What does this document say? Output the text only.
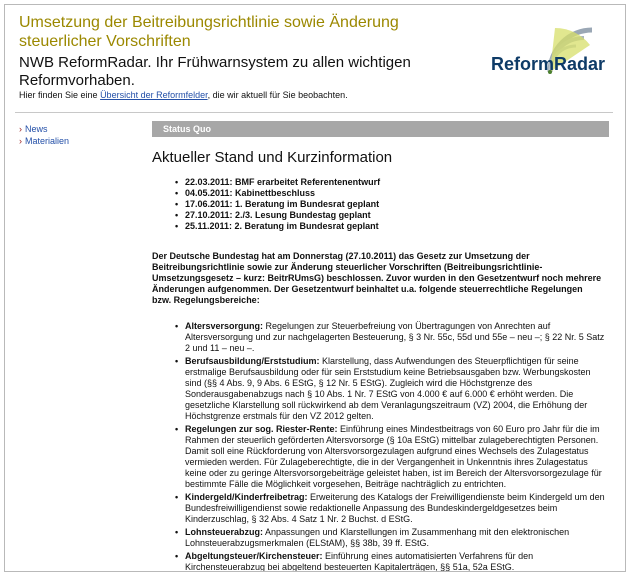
Umsetzung der Beitreibungsrichtlinie sowie Änderung steuerlicher Vorschriften
NWB ReformRadar. Ihr Frühwarnsystem zu allen wichtigen Reformvorhaben.
Hier finden Sie eine Übersicht der Reformfelder, die wir aktuell für Sie beobachten.
ReformRadar
› News
› Materialien
Status Quo
Aktueller Stand und Kurzinformation
• 22.03.2011: BMF erarbeitet Referentenentwurf
• 04.05.2011: Kabinettbeschluss
• 17.06.2011: 1. Beratung im Bundesrat geplant
• 27.10.2011: 2./3. Lesung Bundestag geplant
• 25.11.2011: 2. Beratung im Bundesrat geplant
Der Deutsche Bundestag hat am Donnerstag (27.10.2011) das Gesetz zur Umsetzung der Beitreibungsrichtlinie sowie zur Änderung steuerlicher Vorschriften (Beitreibungsrichtlinie-Umsetzungsgesetz – kurz: BeitrRUmsG) beschlossen. Zuvor wurden in den Gesetzentwurf noch mehrere Änderungen aufgenommen. Der Gesetzentwurf beinhaltet u.a. folgende steuerrechtliche Regelungen bzw. Regelungsbereiche:
• Altersversorgung: Regelungen zur Steuerbefreiung von Übertragungen von Anrechten auf Altersversorgung und zur nachgelagerten Besteuerung, § 3 Nr. 55c, 55d und 55e – neu –; § 22 Nr. 5 Satz 2 und 11 – neu –.
• Berufsausbildung/Erststudium: Klarstellung, dass Aufwendungen des Steuerpflichtigen für seine erstmalige Berufsausbildung oder für sein Erststudium keine Betriebsausgaben bzw. Werbungskosten sind (§§ 4 Abs. 9, 9 Abs. 6 EStG, § 12 Nr. 5 EStG). Zugleich wird die Höchstgrenze des Sonderausgabenabzugs nach § 10 Abs. 1 Nr. 7 EStG von 4.000 € auf 6.000 € erhöht werden. Die gesetzliche Klarstellung soll rückwirkend ab dem Veranlagungszeitraum (VZ) 2004, die Erhöhung der Höchstgrenze erstmals für den VZ 2012 gelten.
• Regelungen zur sog. Riester-Rente: Einführung eines Mindestbeitrags von 60 Euro pro Jahr für die im Rahmen der steuerlich geförderten Altersvorsorge (§ 10a EStG) mittelbar zulageberechtigten Personen. Damit soll eine Rückforderung von Altersvorsorgezulagen aufgrund eines Wechsels des Zulagestatus vermieden werden. Für Zulageberechtigte, die in der Vergangenheit in Unkenntnis ihres Zulagestatus keine oder zu geringe Altersvorsorgebeiträge geleistet haben, ist im Bereich der Altersvorsorgezulage für bestimmte Fälle die Möglichkeit vorgesehen, Beiträge nachträglich zu entrichten.
• Kindergeld/Kinderfreibetrag: Erweiterung des Katalogs der Freiwilligendienste beim Kindergeld um den Bundesfreiwilligendienst sowie redaktionelle Anpassung des Bundeskindergeldgesetzes beim Kinderzuschlag, § 32 Abs. 4 Satz 1 Nr. 2 Buchst. d EStG.
• Lohnsteuerabzug: Anpassungen und Klarstellungen im Zusammenhang mit den elektronischen Lohnsteuerabzugsmerkmalen (ELStAM), §§ 38b, 39 ff. EStG.
• Abgeltungsteuer/Kirchensteuer: Einführung eines automatisierten Verfahrens für den Kirchensteuerabzug bei abgeltend besteuerten Kapitalerträgen, §§ 51a, 52a EStG.
